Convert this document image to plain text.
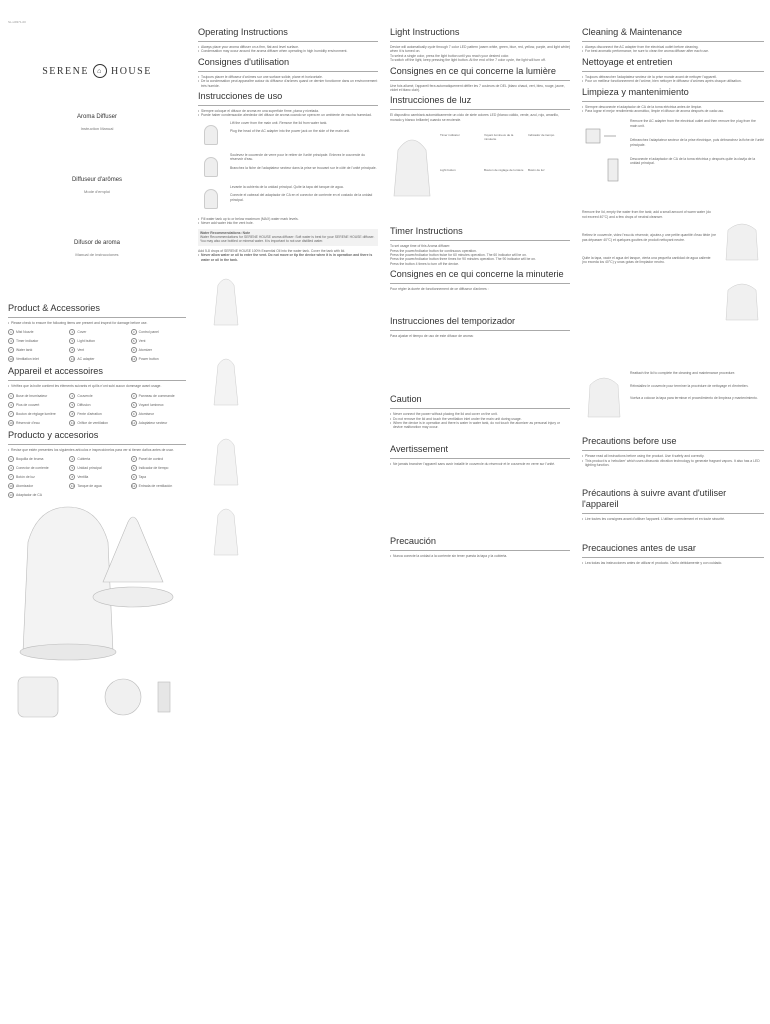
SL-H9371-00
SERENE	⌂ HOUSE
Aroma Diffuser
Instruction Manual
Diffuseur d'arômes
Mode d'emploi
Difusor de aroma
Manual de instrucciones
Product & Accessories
• Please check to ensure the following items are present and inspect for damage before use.
1	Mist Nozzle	2	Cover	3	Control panel
4	Timer indicator	5	Light button	6	Vent
7	Water tank	8	Vent	9	Atomizer
10 Ventilation inlet	11	AC adapter	12 Power button
Appareil et accessoires
• Vérifiez que la boîte contient les éléments suivants et qu'ils n'ont subi aucun dommage avant usage.
1	Buse de brumisateur	2	Couvercle	3	Panneau de commande
4	Plus de couvert	5	Diffusion	6	Voyant lumineux
7	Bouton de réglage lumière	8	Fente d'aération	9	Atomiseur
10 Réservoir d'eau	11	Orifice de ventilation	12 Adaptateur secteur
Producto y accesorios
• Revise que estén presentes los siguientes artículos e inspecciónelos para ver si tienen daños antes de usar.
1	Boquilla de bruma	2	Cubierta	3	Panel de control
4	Conector de corriente	5	Unidad principal	6	Indicador de tiempo
7	Botón de luz	8	Ventilla	9	Tapa
10 Atomizador	11	Tanque de agua	12 Entrada de ventilación
13 Adaptador de CA
Operating Instructions
• Always place your aroma diffuser on a firm, flat and level surface.
• Condensation may occur around the aroma diffuser when operating in high humidity environment.
Consignes d'utilisation
• Toujours placer le diffuseur d'arômes sur une surface solide, plane et horizontale.
• De la condensation peut apparaître autour du diffuseur d'arômes quand ce dernier fonctionne dans un environnement très humide.
Instrucciones de uso
• Siempre coloque el difusor de aroma en una superficie firme, plana y nivelada.
• Puede haber condensación alrededor del difusor de aroma cuando se opera en un ambiente de mucha humedad.

Lift the cover from the main unit. Remove the lid from water tank.

Plug the head of the AC adapter into the power jack on the side of the main unit.

Soulevez le couvercle de verre pour le retirer de l'unité principale. Enlevez le couvercle du réservoir d'eau.

Branchez la fiche de l'adaptateur secteur dans la prise se trouvant sur le côté de l'unité principale.

Levante la cubierta de la unidad principal. Quite la tapa del tanque de agua.

Conecte el cabezal del adaptador de CA en el conector de corriente en el costado de la unidad principal.

• Fill water tank up to or below maximum (MAX) water mark levels.
• Never add water into the vent hole.

Water Recommendations: Note

Water Recommendations for SERENE HOUSE aroma diffuser: Soft water is best for your SERENE HOUSE diffuser. You may also use bottled or mineral water. It is important to not use distilled water.

Add 5-8 drops of SERENE HOUSE 100% Essential Oil into the water tank. Cover the tank with lid.

• Never allow water or oil to enter the vent. Do not move or tip the device when it is in operation and there is water or oil in the tank.
Light Instructions

Device will automatically cycle through 7 color LED pattern (warm white, green, blue, red, yellow, purple, and light white) when it is turned on.

To select a single color, press the light button until you reach your desired color.

To switch off the light, keep pressing the light button. At the end of the 7 color cycle, the light will turn off.

Consignes en ce qui concerne la lumière

Une fois allumé, l'appareil fera automatiquement défiler les 7 couleurs de DEL (blanc chaud, vert, bleu, rouge, jaune, violet et blanc clair).

Instrucciones de luz

El dispositivo cambiará automáticamente un ciclo de siete colores LED (blanco cálido, verde, azul, rojo, amarillo, morado y blanco brillante) cuando se enciende.

Timer indicator	Voyant lumineux de la minuterie
Indicador de tiempo
Light button	Bouton de réglage de lumière	Botón de luz
Timer Instructions

To set usage time of this Aroma diffuser:

Press the power/indicator button for continuous operation.

Press the power/indicator button twice for 60 minutes operation. The 60 indicator will be on.

Press the power/indicator button three times for 90 minutes operation. The 90 indicator will be on.

Press the button 4 times to turn off the device.

Consignes en ce qui concerne la minuterie

Pour régler la durée de fonctionnement de ce diffuseur d'arômes :

Instrucciones del temporizador

Para ajustar el tiempo de uso de este difusor de aroma:

Caution
• Never connect the power without placing the lid and cover on the unit.
• Do not remove the lid and touch the ventilation inlet under the main unit during usage.
• When the device is in operation and there is water in water tank, do not touch the atomizer as personal injury or device malfunction may occur.
Avertissement
• Ne jamais brancher l'appareil sans avoir installé le couvercle du réservoir et le couvercle en verre sur l'unité.
Precaución
• Nunca conecte la unidad a la corriente sin tener puesta la tapa y la cubierta.
Cleaning & Maintenance
• Always disconnect the AC adapter from the electrical outlet before cleaning.
• For best aromatic performance, be sure to clean the aroma diffuser after each use.
Nettoyage et entretien
• Toujours débrancher l'adaptateur secteur de la prise murale avant de nettoyer l'appareil.
• Pour un meilleur fonctionnement de l'arôme, bien nettoyer le diffuseur d'arômes après chaque utilisation.
Limpieza y mantenimiento
• Siempre desconecte el adaptador de CA de la toma eléctrica antes de limpiar.
• Para lograr el mejor rendimiento aromático, limpie el difusor de aroma después de cada uso.

Remove the AC adapter from the electrical outlet and then remove the plug from the main unit.

Débranchez l'adaptateur secteur de la prise électrique, puis débranchez la fiche de l'unité principale.

Desconecte el adaptador de CA de la toma eléctrica y después quite la clavija de la unidad principal.

Remove the lid, empty the water from the tank; add a small amount of warm water (do not exceed 40°C) and a few drops of neutral cleanser.

Retirez le couvercle, videz l'eau du réservoir, ajoutez-y une petite quantité d'eau tiède (ne pas dépasser 40°C) et quelques gouttes de produit nettoyant neutre.

Quite la tapa, vacíe el agua del tanque, vierta una pequeña cantidad de agua caliente (no exceda los 40°C) y unas gotas de limpiador neutro.

Reattach the lid to complete the cleaning and maintenance procedure.

Réinstallez le couvercle pour terminer la procédure de nettoyage et d'entretien.

Vuelva a colocar la tapa para terminar el procedimiento de limpieza y mantenimiento.

Precautions before use
• Please read all instructions before using the product. Use it safely and correctly.
• This product is a 'nebulizer' which uses ultrasonic vibration technology to generate fragrant vapors. It also has a LED lighting function.
Précautions à suivre avant d'utiliser l'appareil
• Lire toutes les consignes avant d'utiliser l'appareil. L'utiliser correctement et en toute sécurité.
Precauciones antes de usar
• Lea todas las instrucciones antes de utilizar el producto. Úselo debidamente y con cuidado.
